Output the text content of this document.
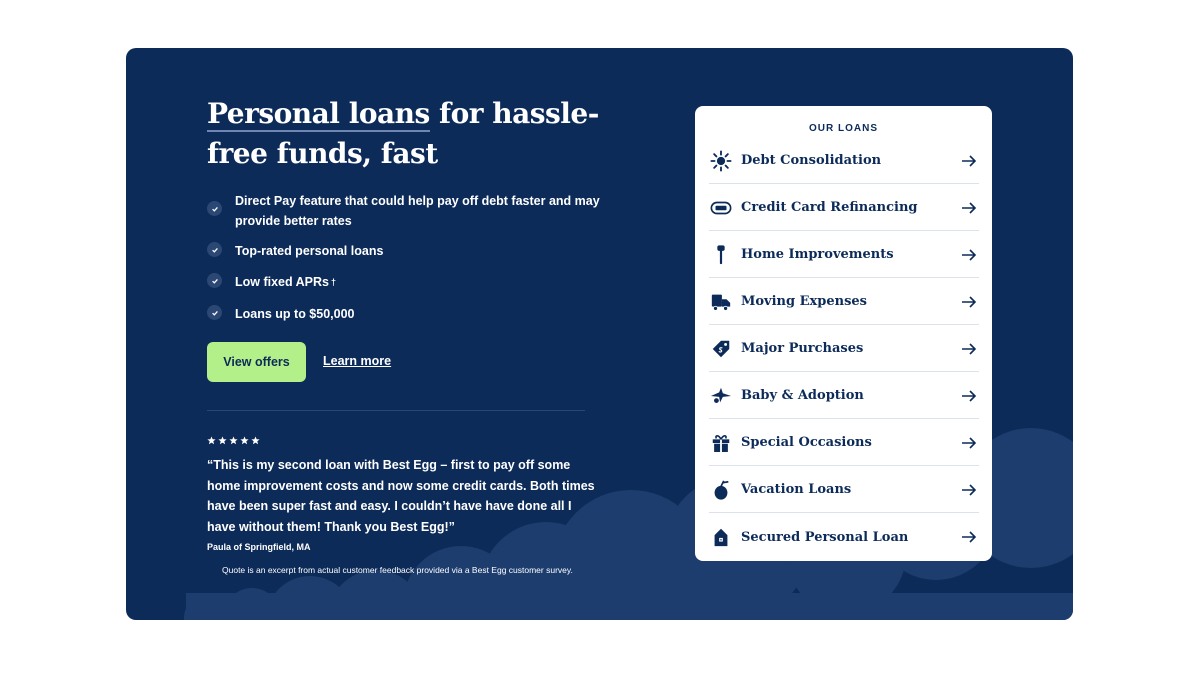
Personal loans for hassle-free funds, fast
Direct Pay feature that could help pay off debt faster and may provide better rates
Top-rated personal loans
Low fixed APRs †
Loans up to $50,000
View offers	Learn more

“This is my second loan with Best Egg – first to pay off some home improvement costs and now some credit cards. Both times have been super fast and easy. I couldn’t have have done all I have without them! Thank you Best Egg!”

Paula of Springfield, MA

Quote is an excerpt from actual customer feedback provided via a Best Egg customer survey.

OUR LOANS
Debt Consolidation
Credit Card Refinancing
Home Improvements
Moving Expenses
Major Purchases
Baby & Adoption
Special Occasions
Vacation Loans
Secured Personal Loan
